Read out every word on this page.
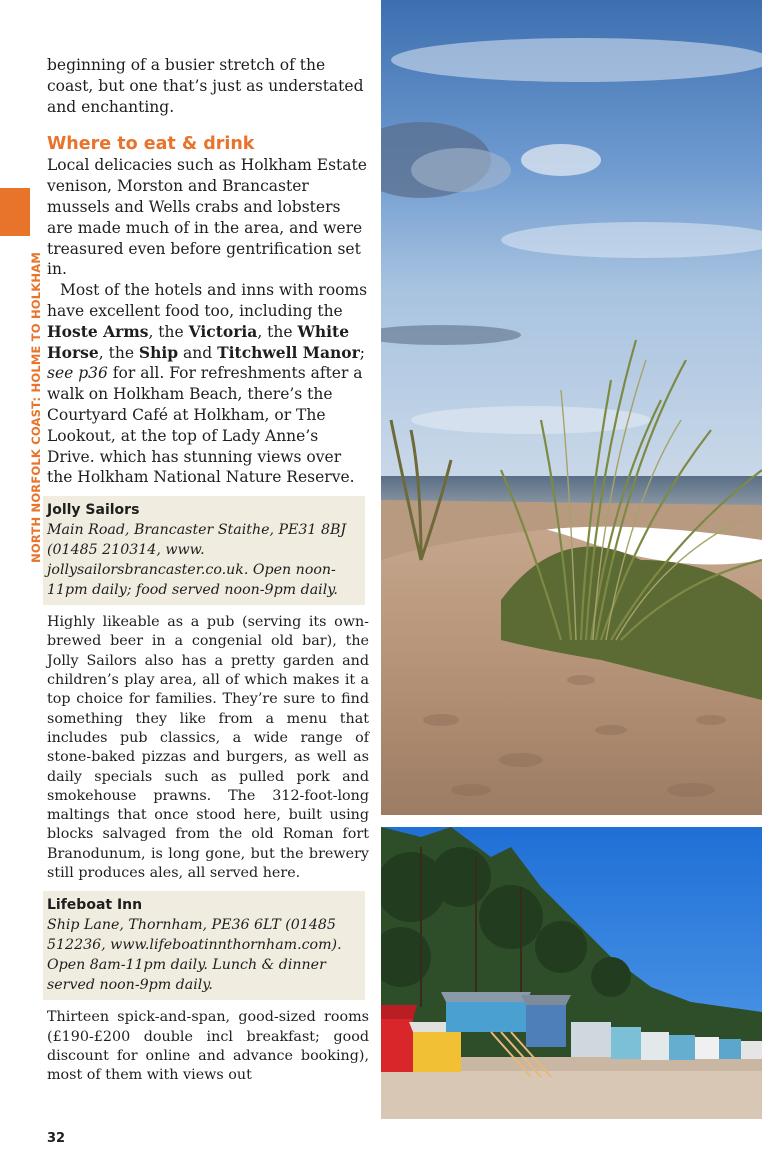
NORTH NORFOLK COAST: HOLME TO HOLKHAM

beginning of a busier stretch of the coast, but one that’s just as understated and enchanting.

Where to eat & drink

Local delicacies such as Holkham Estate venison, Morston and Brancaster mussels and Wells crabs and lobsters are made much of in the area, and were treasured even before gentrification set in.

Most of the hotels and inns with rooms have excellent food too, including the Hoste Arms, the Victoria, the White Horse, the Ship and Titchwell Manor; see p36 for all. For refreshments after a walk on Holkham Beach, there’s the Courtyard Café at Holkham, or The Lookout, at the top of Lady Anne’s Drive. which has stunning views over the Holkham National Nature Reserve.

Jolly Sailors
Main Road, Brancaster Staithe, PE31 8BJ (01485 210314, www. jollysailorsbrancaster.co.uk. Open noon-11pm daily; food served noon-9pm daily.

Highly likeable as a pub (serving its own-brewed beer in a congenial old bar), the Jolly Sailors also has a pretty garden and children’s play area, all of which makes it a top choice for families. They’re sure to find something they like from a menu that includes pub classics, a wide range of stone-baked pizzas and burgers, as well as daily specials such as pulled pork and smokehouse prawns. The 312-foot-long maltings that once stood here, built using blocks salvaged from the old Roman fort Branodunum, is long gone, but the brewery still produces ales, all served here.

Lifeboat Inn
Ship Lane, Thornham, PE36 6LT (01485 512236, www.lifeboatinnthornham.com). Open 8am-11pm daily. Lunch & dinner served noon-9pm daily.

Thirteen spick-and-span, good-sized rooms (£190-£200 double incl breakfast; good discount for online and advance booking), most of them with views out

32
